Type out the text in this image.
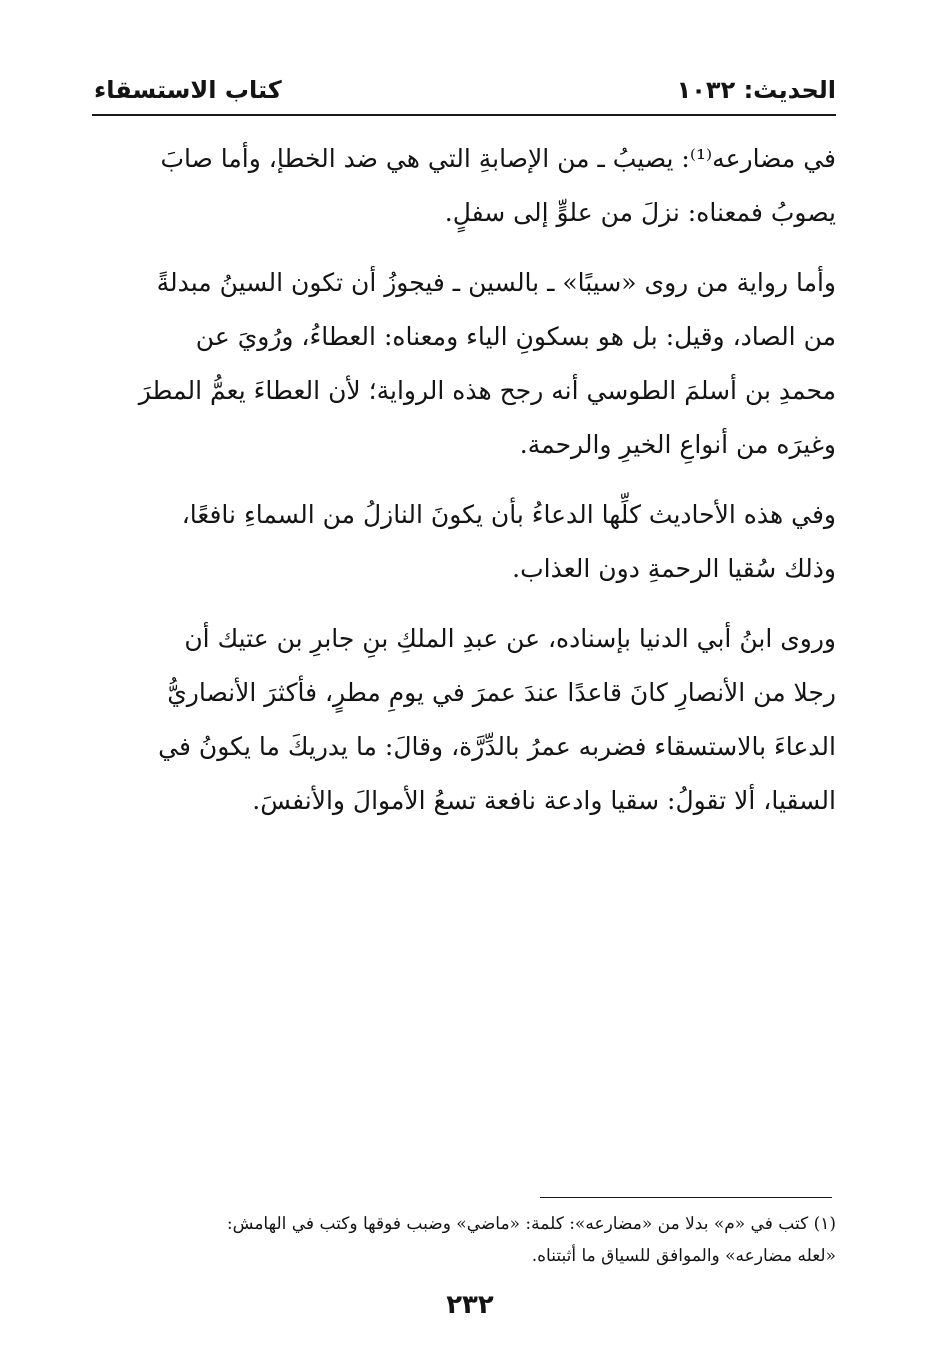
الحديث: ١٠٣٢
كتاب الاستسقاء

في مضارعه⁽¹⁾: يصيبُ ـ من الإصابةِ التي هي ضد الخطإ، وأما صابَ
يصوبُ فمعناه: نزلَ من علوٍّ إلى سفلٍ.

وأما رواية من روى «سيبًا» ـ بالسين ـ فيجوزُ أن تكون السينُ مبدلةً
من الصاد، وقيل: بل هو بسكونِ الياء ومعناه: العطاءُ، ورُويَ عن
محمدِ بن أسلمَ الطوسي أنه رجح هذه الرواية؛ لأن العطاءَ يعمُّ المطرَ
وغيرَه من أنواعِ الخيرِ والرحمة.

وفي هذه الأحاديث كلِّها الدعاءُ بأن يكونَ النازلُ من السماءِ نافعًا،
وذلك سُقيا الرحمةِ دون العذاب.

وروى ابنُ أبي الدنيا بإسناده، عن عبدِ الملكِ بنِ جابرِ بن عتيك أن
رجلا من الأنصارِ كانَ قاعدًا عندَ عمرَ في يومِ مطرٍ، فأكثرَ الأنصاريُّ
الدعاءَ بالاستسقاء فضربه عمرُ بالدِّرَّة، وقالَ: ما يدريكَ ما يكونُ في
السقيا، ألا تقولُ: سقيا وادعة نافعة تسعُ الأموالَ والأنفسَ.

(١) كتب في «م» بدلا من «مضارعه»: كلمة: «ماضي» وضبب فوقها وكتب في الهامش:
«لعله مضارعه» والموافق للسياق ما أثبتناه.
٢٣٢
